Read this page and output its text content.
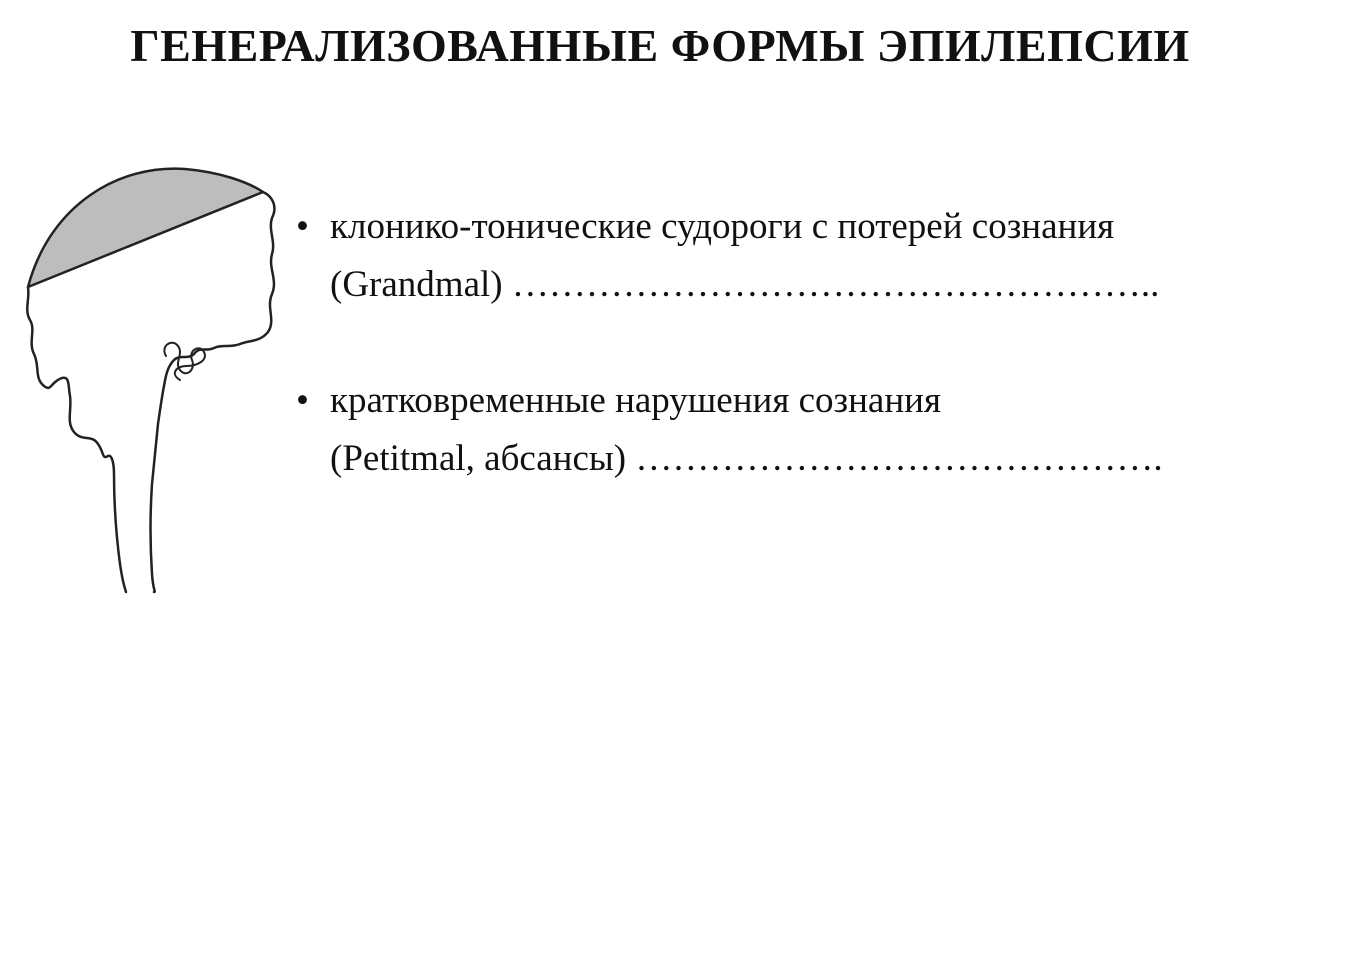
ГЕНЕРАЛИЗОВАННЫЕ ФОРМЫ ЭПИЛЕПСИИ
• клонико-тонические судороги с потерей сознания
(Grandmal) ……………………………………………..
• кратковременные нарушения сознания
(Petitmal, абсансы) …………………………………….
